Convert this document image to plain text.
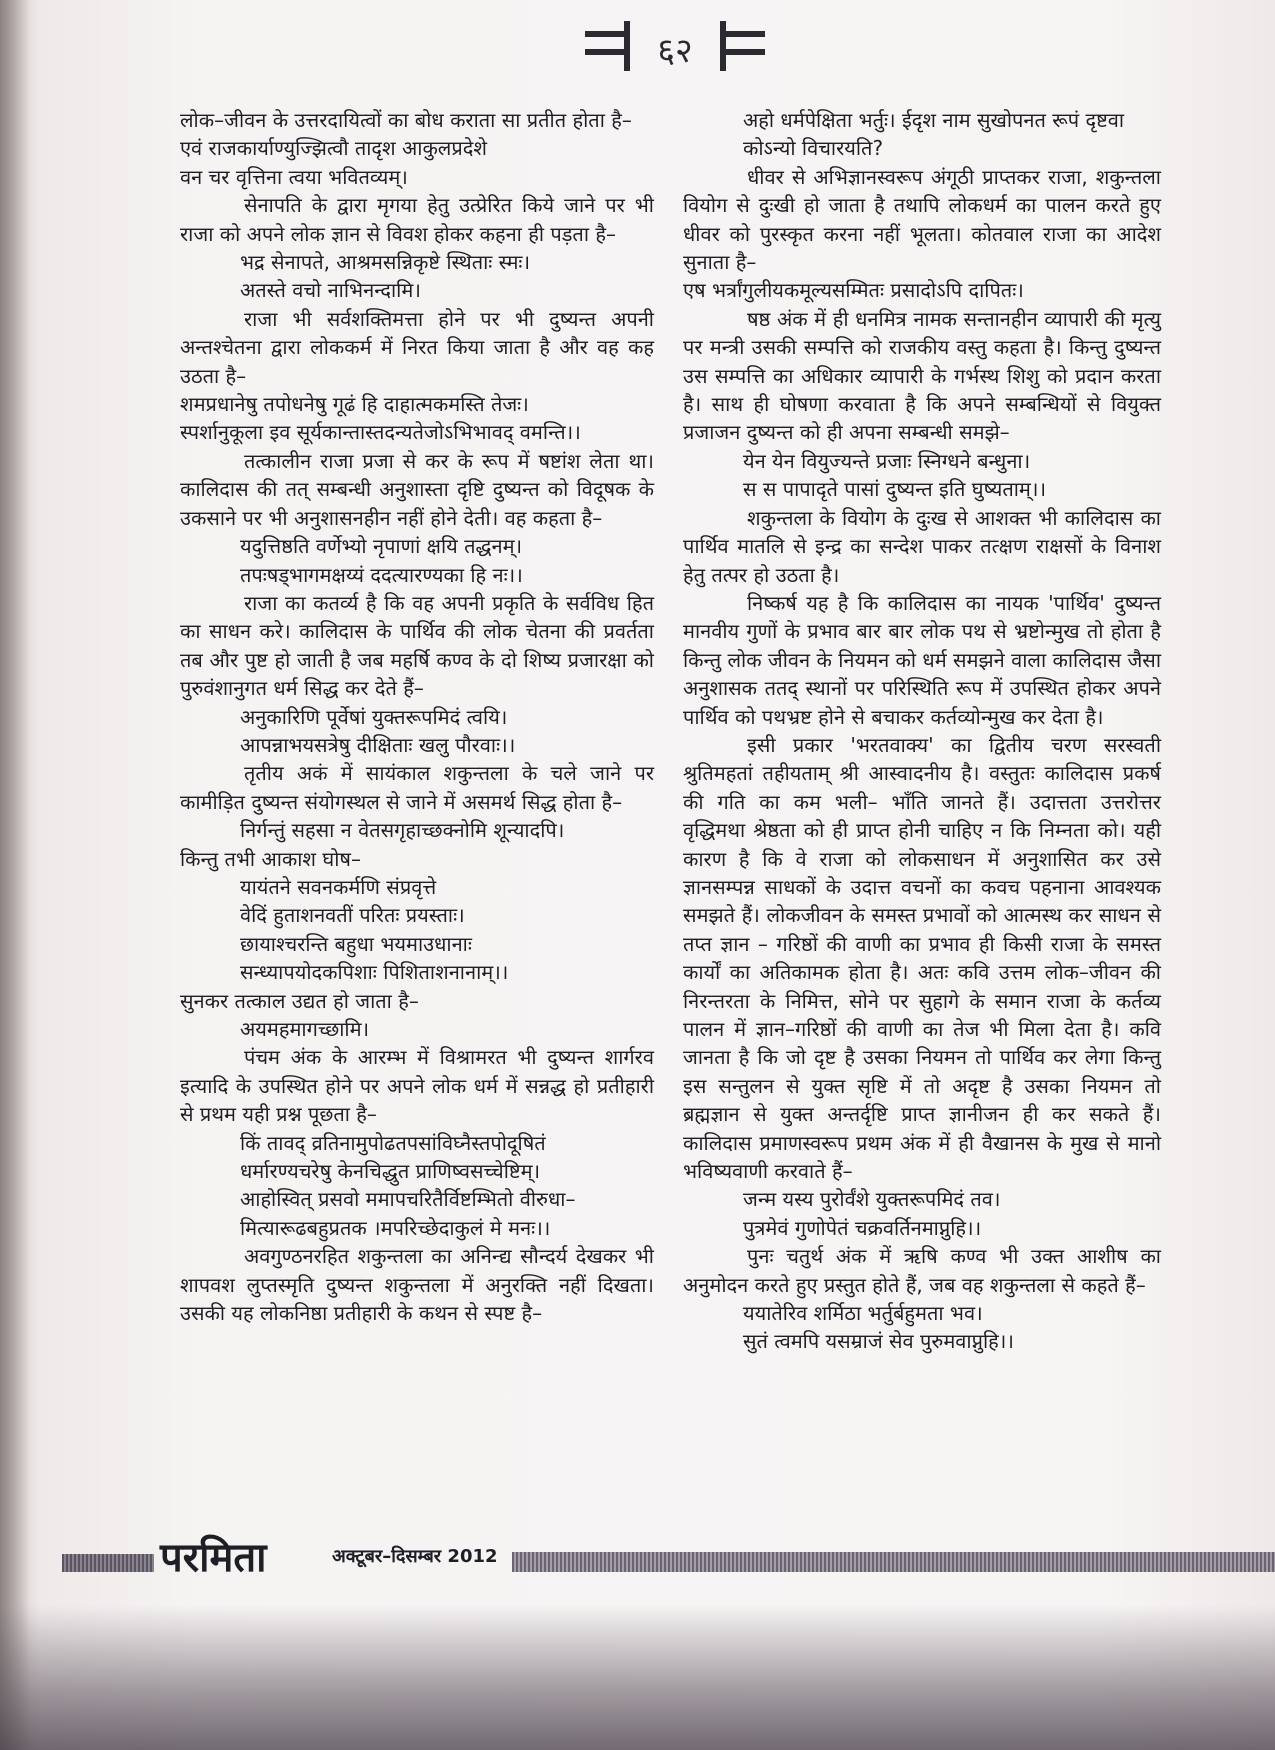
६२

लोक–जीवन के उत्तरदायित्वों का बोध कराता सा प्रतीत होता है–

एवं राजकार्याण्युज्झित्वौ तादृश आकुलप्रदेशे

वन चर वृत्तिना त्वया भवितव्यम्।

सेनापति के द्वारा मृगया हेतु उत्प्रेरित किये जाने पर भी राजा को अपने लोक ज्ञान से विवश होकर कहना ही पड़ता है–

भद्र सेनापते, आश्रमसन्निकृष्टे स्थिताः स्मः।

अतस्ते वचो नाभिनन्दामि।

राजा भी सर्वशक्तिमत्ता होने पर भी दुष्यन्त अपनी अन्तश्चेतना द्वारा लोककर्म में निरत किया जाता है और वह कह उठता है–

शमप्रधानेषु तपोधनेषु गूढं हि दाहात्मकमस्ति तेजः।

स्पर्शानुकूला इव सूर्यकान्तास्तदन्यतेजोऽभिभावद् वमन्ति।।

तत्कालीन राजा प्रजा से कर के रूप में षष्टांश लेता था। कालिदास की तत् सम्बन्धी अनुशास्ता दृष्टि दुष्यन्त को विदूषक के उकसाने पर भी अनुशासनहीन नहीं होने देती। वह कहता है–

यदुत्तिष्ठति वर्णेभ्यो नृपाणां क्षयि तद्धनम्।

तपःषड्भागमक्षय्यं ददत्यारण्यका हि नः।।

राजा का कतर्व्य है कि वह अपनी प्रकृति के सर्वविध हित का साधन करे। कालिदास के पार्थिव की लोक चेतना की प्रवर्तता तब और पुष्ट हो जाती है जब महर्षि कण्व के दो शिष्य प्रजारक्षा को पुरुवंशानुगत धर्म सिद्ध कर देते हैं–

अनुकारिणि पूर्वेषां युक्तरूपमिदं त्वयि।

आपन्नाभयसत्रेषु दीक्षिताः खलु पौरवाः।।

तृतीय अकं में सायंकाल शकुन्तला के चले जाने पर कामीड़ित दुष्यन्त संयोगस्थल से जाने में असमर्थ सिद्ध होता है–

निर्गन्तुं सहसा न वेतसगृहाच्छक्नोमि शून्यादपि।

किन्तु तभी आकाश घोष–

यायंतने सवनकर्मणि संप्रवृत्ते

वेदिं हुताशनवतीं परितः प्रयस्ताः।

छायाश्चरन्ति बहुधा भयमाउधानाः

सन्ध्यापयोदकपिशाः पिशिताशनानाम्।।

सुनकर तत्काल उद्यत हो जाता है–

अयमहमागच्छामि।

पंचम अंक के आरम्भ में विश्रामरत भी दुष्यन्त शार्गरव इत्यादि के उपस्थित होने पर अपने लोक धर्म में सन्नद्ध हो प्रतीहारी से प्रथम यही प्रश्न पूछता है–

किं तावद् व्रतिनामुपोढतपसांविघ्नैस्तपोदूषितं

धर्मारण्यचरेषु केनचिद्धुत प्राणिष्वसच्चेष्टिम्।

आहोस्वित् प्रसवो ममापचरितैर्विष्टम्भितो वीरुधा–

मित्यारूढबहुप्रतक ।मपरिच्छेदाकुलं मे मनः।।

अवगुण्ठनरहित शकुन्तला का अनिन्द्य सौन्दर्य देखकर भी शापवश लुप्तस्मृति दुष्यन्त शकुन्तला में अनुरक्ति नहीं दिखता। उसकी यह लोकनिष्ठा प्रतीहारी के कथन से स्पष्ट है–

अहो धर्मपेक्षिता भर्तुः। ईदृश नाम सुखोपनत रूपं दृष्टवा कोऽन्यो विचारयति?

धीवर से अभिज्ञानस्वरूप अंगूठी प्राप्तकर राजा, शकुन्तला वियोग से दुःखी हो जाता है तथापि लोकधर्म का पालन करते हुए धीवर को पुरस्कृत करना नहीं भूलता। कोतवाल राजा का आदेश सुनाता है–

एष भर्त्रांगुलीयकमूल्यसम्मितः प्रसादोऽपि दापितः।

षष्ठ अंक में ही धनमित्र नामक सन्तानहीन व्यापारी की मृत्यु पर मन्त्री उसकी सम्पत्ति को राजकीय वस्तु कहता है। किन्तु दुष्यन्त उस सम्पत्ति का अधिकार व्यापारी के गर्भस्थ शिशु को प्रदान करता है। साथ ही घोषणा करवाता है कि अपने सम्बन्धियों से वियुक्त प्रजाजन दुष्यन्त को ही अपना सम्बन्धी समझे–

येन येन वियुज्यन्ते प्रजाः स्निग्धने बन्धुना।

स स पापादृते पासां दुष्यन्त इति घुष्यताम्।।

शकुन्तला के वियोग के दुःख से आशक्त भी कालिदास का पार्थिव मातलि से इन्द्र का सन्देश पाकर तत्क्षण राक्षसों के विनाश हेतु तत्पर हो उठता है।

निष्कर्ष यह है कि कालिदास का नायक 'पार्थिव' दुष्यन्त मानवीय गुणों के प्रभाव बार बार लोक पथ से भ्रष्टोन्मुख तो होता है किन्तु लोक जीवन के नियमन को धर्म समझने वाला कालिदास जैसा अनुशासक ततद् स्थानों पर परिस्थिति रूप में उपस्थित होकर अपने पार्थिव को पथभ्रष्ट होने से बचाकर कर्तव्योन्मुख कर देता है।

इसी प्रकार 'भरतवाक्य' का द्वितीय चरण सरस्वती श्रुतिमहतां तहीयताम् श्री आस्वादनीय है। वस्तुतः कालिदास प्रकर्ष की गति का कम भली– भाँति जानते हैं। उदात्तता उत्तरोत्तर वृद्धिमथा श्रेष्ठता को ही प्राप्त होनी चाहिए न कि निम्नता को। यही कारण है कि वे राजा को लोकसाधन में अनुशासित कर उसे ज्ञानसम्पन्न साधकों के उदात्त वचनों का कवच पहनाना आवश्यक समझते हैं। लोकजीवन के समस्त प्रभावों को आत्मस्थ कर साधन से तप्त ज्ञान – गरिष्ठों की वाणी का प्रभाव ही किसी राजा के समस्त कार्यों का अतिकामक होता है। अतः कवि उत्तम लोक–जीवन की निरन्तरता के निमित्त, सोने पर सुहागे के समान राजा के कर्तव्य पालन में ज्ञान–गरिष्ठों की वाणी का तेज भी मिला देता है। कवि जानता है कि जो दृष्ट है उसका नियमन तो पार्थिव कर लेगा किन्तु इस सन्तुलन से युक्त सृष्टि में तो अदृष्ट है उसका नियमन तो ब्रह्मज्ञान से युक्त अन्तर्दृष्टि प्राप्त ज्ञानीजन ही कर सकते हैं। कालिदास प्रमाणस्वरूप प्रथम अंक में ही वैखानस के मुख से मानो भविष्यवाणी करवाते हैं–

जन्म यस्य पुरोर्वंशे युक्तरूपमिदं तव।

पुत्रमेवं गुणोपेतं चक्रवर्तिनमाप्नुहि।।

पुनः चतुर्थ अंक में ऋषि कण्व भी उक्त आशीष का अनुमोदन करते हुए प्रस्तुत होते हैं, जब वह शकुन्तला से कहते हैं–

ययातेरिव शर्मिठा भर्तुर्बहुमता भव।

सुतं त्वमपि यसम्राजं सेव पुरुमवाप्नुहि।।

परमिता	अक्टूबर–दिसम्बर 2012
